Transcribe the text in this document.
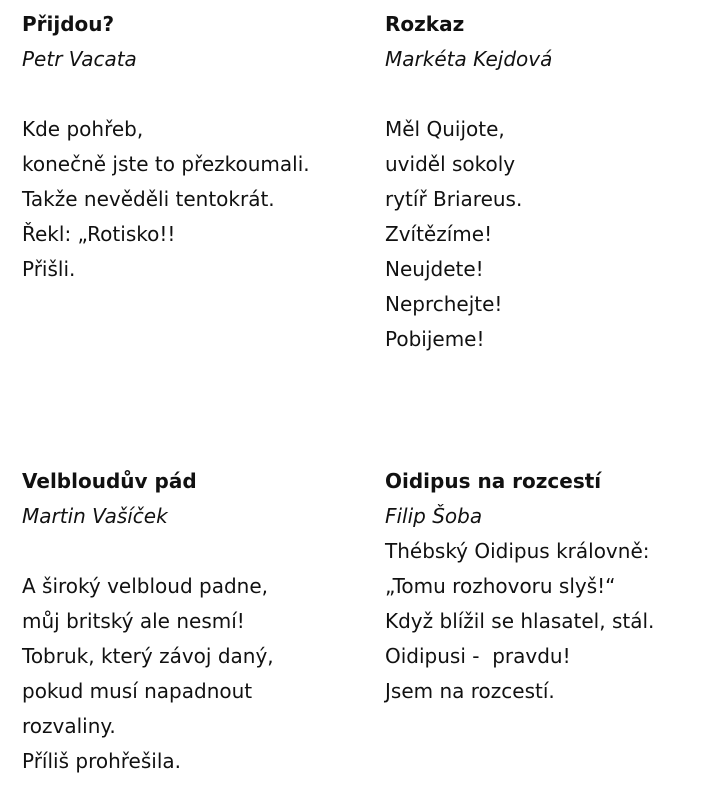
Přijdou?
Petr Vacata
Kde pohřeb,
konečně jste to přezkoumali.
Takže nevěděli tentokrát.
Řekl: „Rotisko!!
Přišli.
Rozkaz
Markéta Kejdová
Měl Quijote,
uviděl sokoly
rytíř Briareus.
Zvítězíme!
Neujdete!
Neprchejte!
Pobijeme!
Velbloudův pád
Martin Vašíček
A široký velbloud padne,
můj britský ale nesmí!
Tobruk, který závoj daný,
pokud musí napadnout
rozvaliny.
Příliš prohřešila.
Oidipus na rozcestí
Filip Šoba
Thébský Oidipus královně:
„Tomu rozhovoru slyš!“
Když blížil se hlasatel, stál.
Oidipusi -  pravdu!
Jsem na rozcestí.
